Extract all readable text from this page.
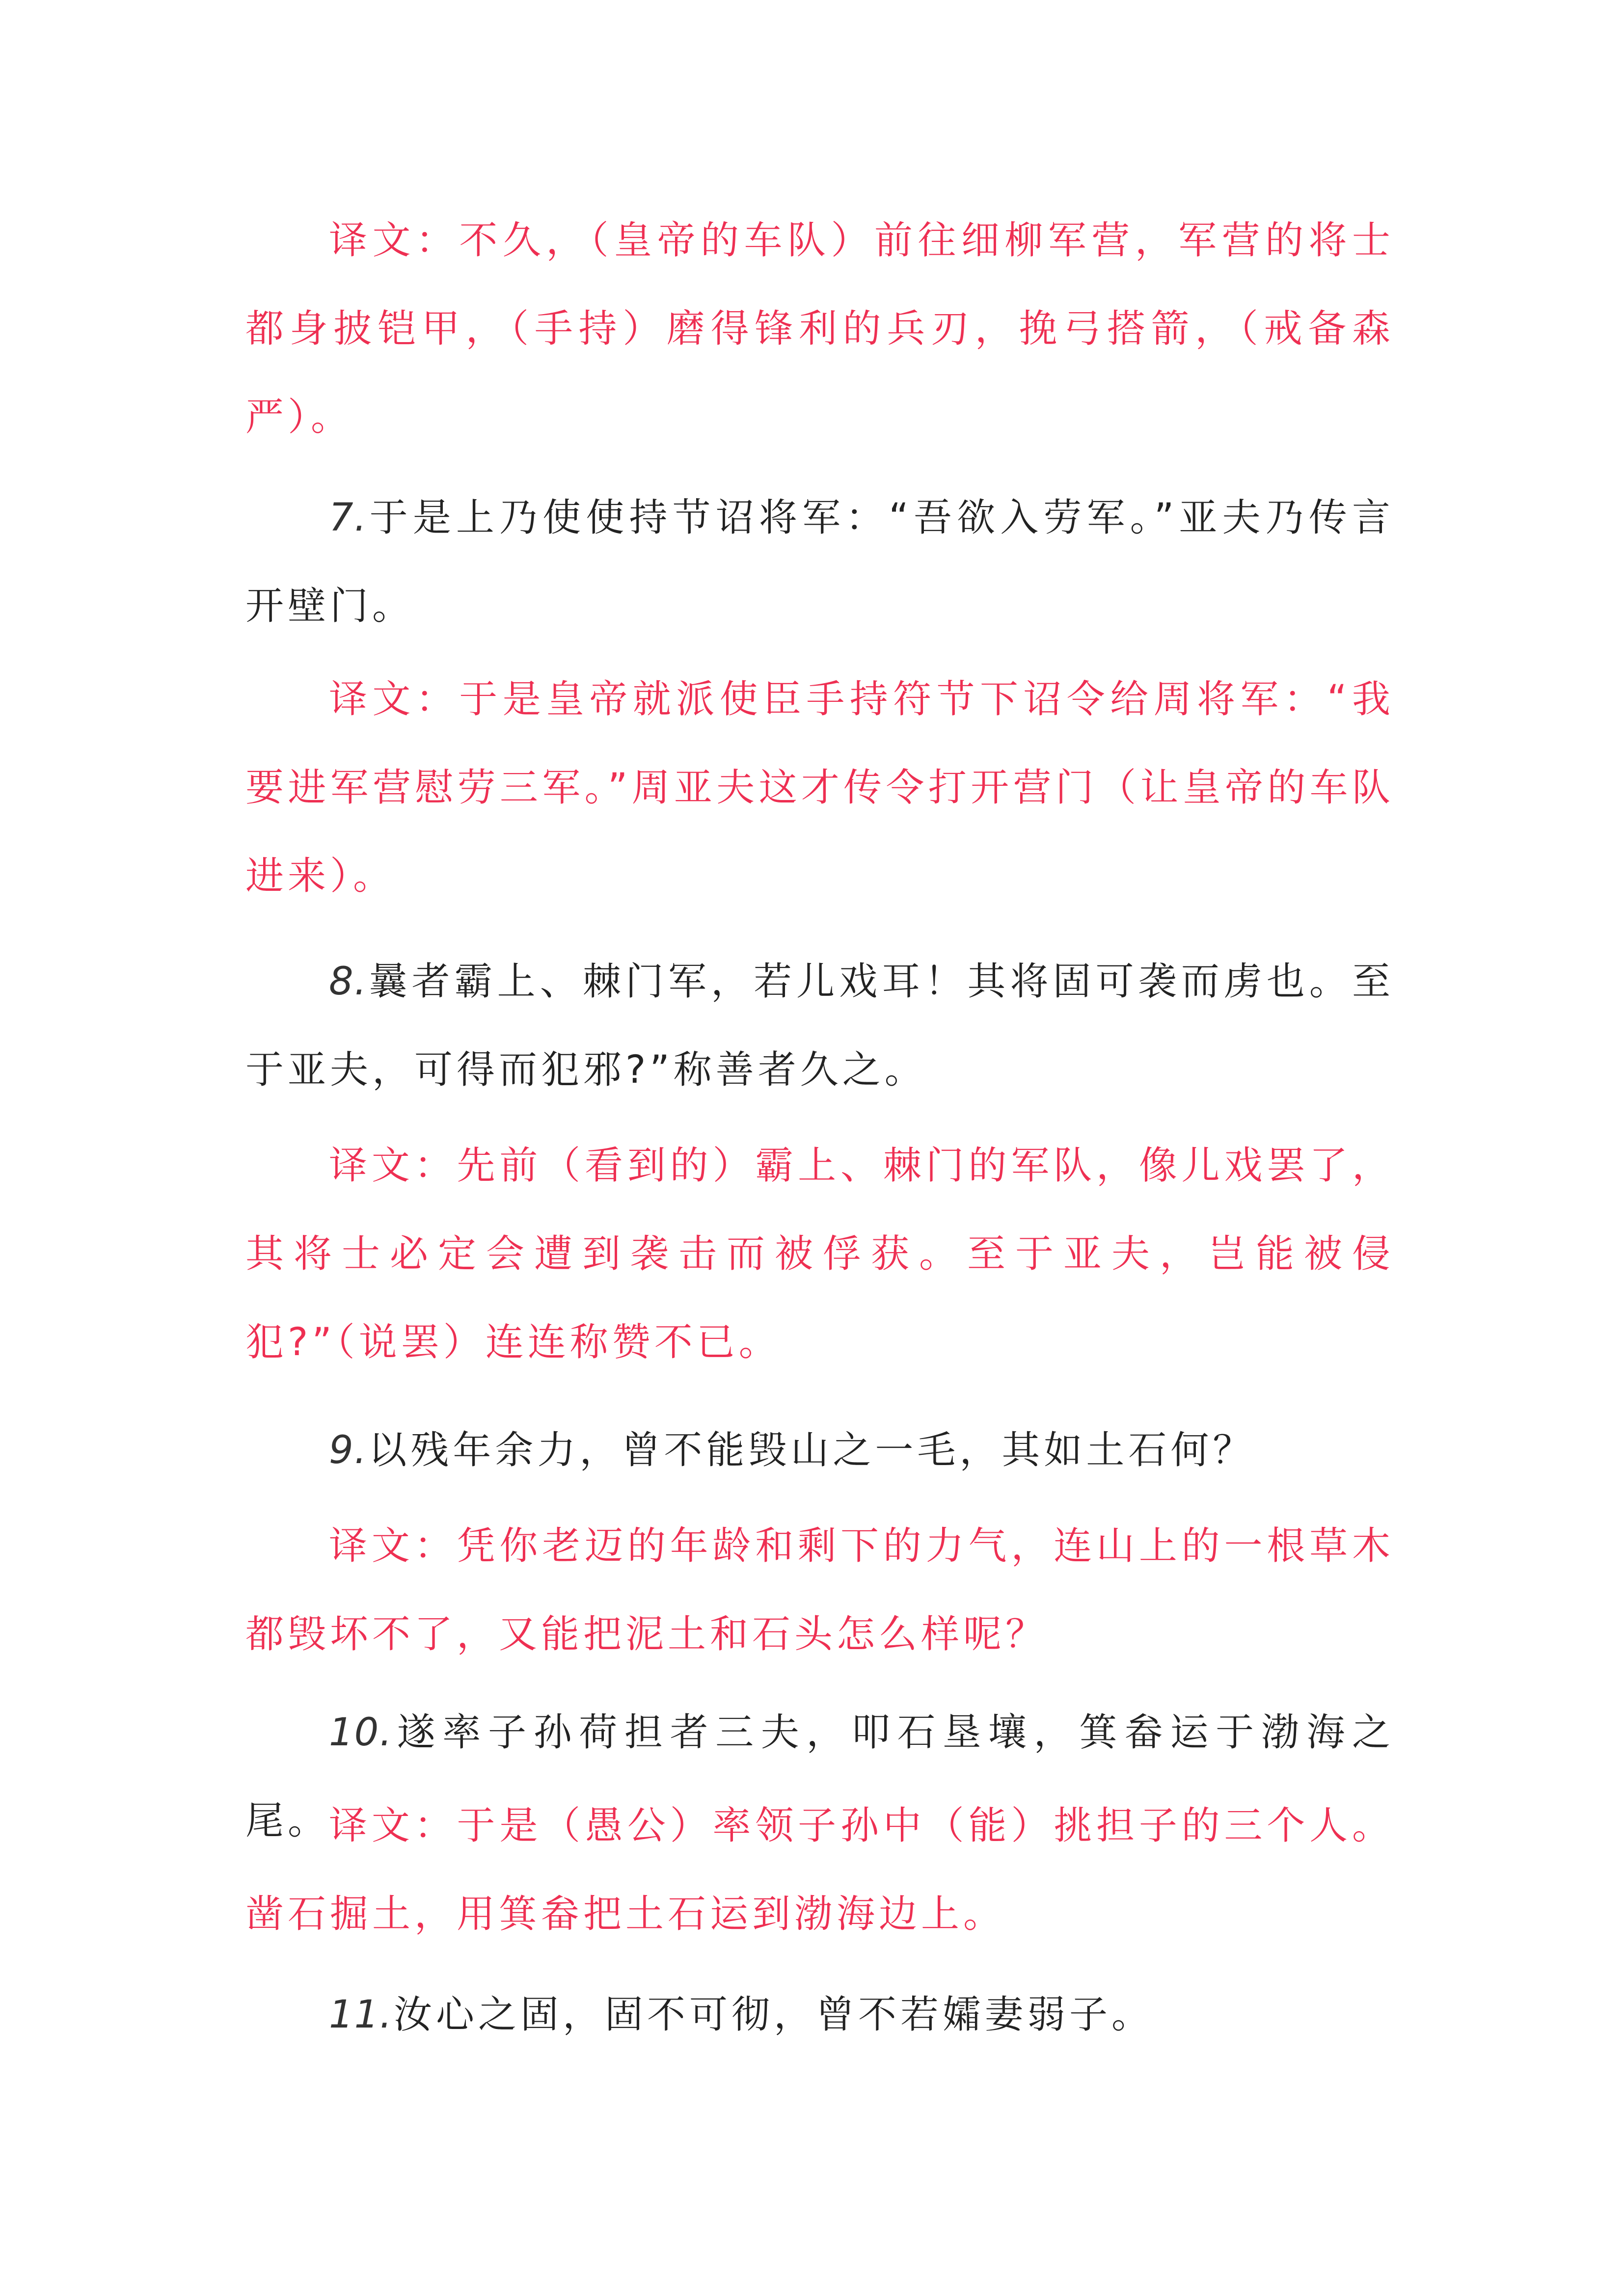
译文：不久，（皇帝的车队）前往细柳军营，军营的将士都身披铠甲，（手持）磨得锋利的兵刃，挽弓搭箭，（戒备森严）。

7.于是上乃使使持节诏将军：“吾欲入劳军。”亚夫乃传言开壁门。

译文：于是皇帝就派使臣手持符节下诏令给周将军：“我要进军营慰劳三军。”周亚夫这才传令打开营门（让皇帝的车队进来）。

8.曩者霸上、棘门军，若儿戏耳！其将固可袭而虏也。至于亚夫，可得而犯邪?”称善者久之。

译文：先前（看到的）霸上、棘门的军队，像儿戏罢了，其将士必定会遭到袭击而被俘获。至于亚夫，岂能被侵犯?”（说罢）连连称赞不已。

9.以残年余力，曾不能毁山之一毛，其如土石何？

译文：凭你老迈的年龄和剩下的力气，连山上的一根草木都毁坏不了，又能把泥土和石头怎么样呢？

10.遂率子孙荷担者三夫，叩石垦壤，箕畚运于渤海之尾。

译文：于是（愚公）率领子孙中（能）挑担子的三个人。凿石掘土，用箕畚把土石运到渤海边上。

11.汝心之固，固不可彻，曾不若孀妻弱子。
